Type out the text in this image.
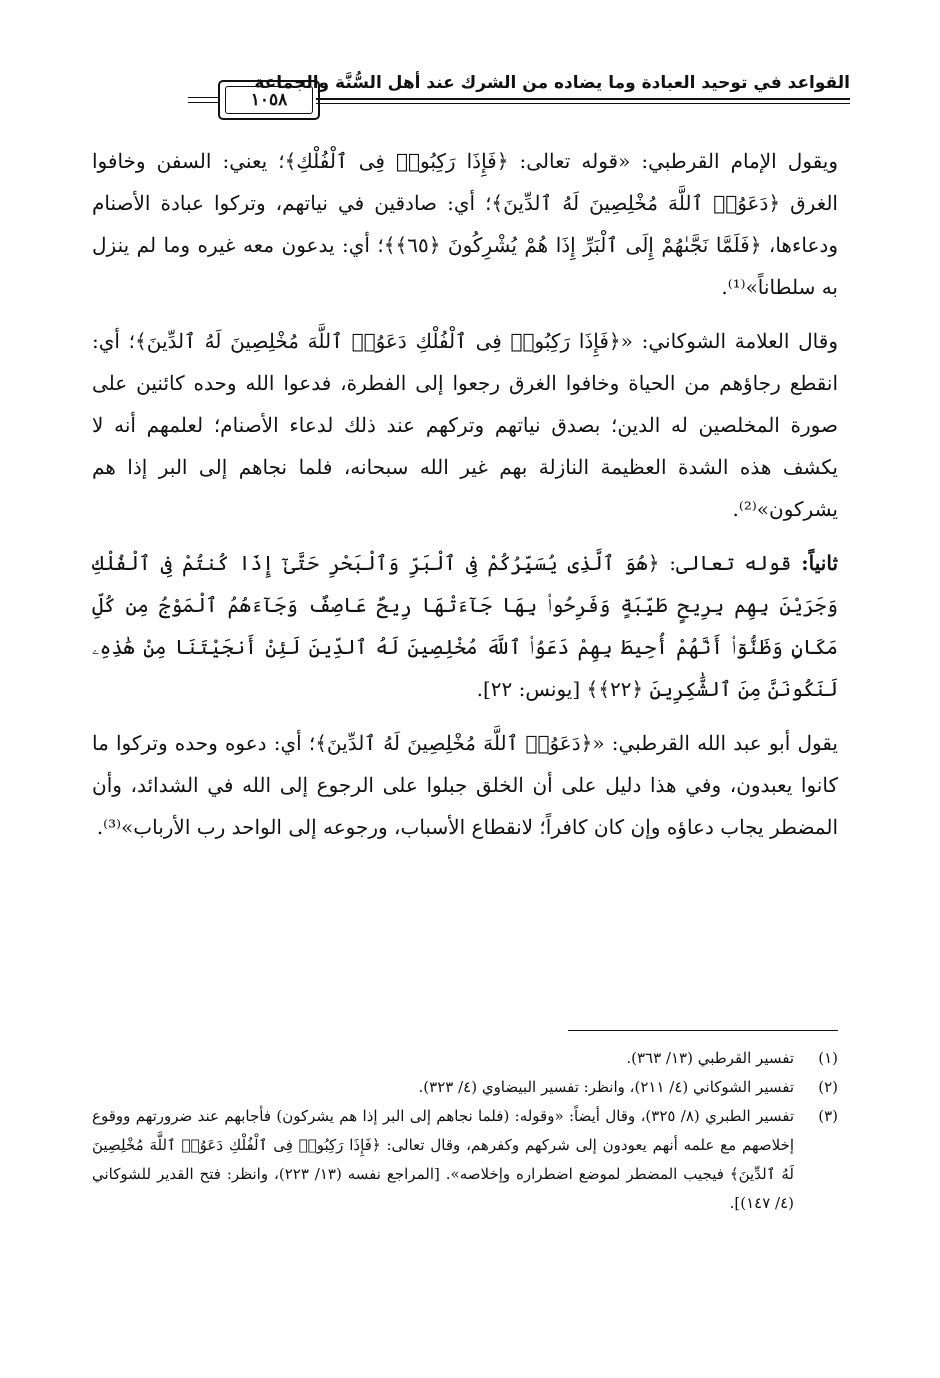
القواعد في توحيد العبادة وما يضاده من الشرك عند أهل السُّنَّة والجماعة
١٠٥٨

ويقول الإمام القرطبي: «قوله تعالى: ﴿فَإِذَا رَكِبُوا۟ فِى ٱلْفُلْكِ﴾؛ يعني: السفن وخافوا الغرق ﴿دَعَوُا۟ ٱللَّهَ مُخْلِصِينَ لَهُ ٱلدِّينَ﴾؛ أي: صادقين في نياتهم، وتركوا عبادة الأصنام ودعاءها، ﴿فَلَمَّا نَجَّىٰهُمْ إِلَى ٱلْبَرِّ إِذَا هُمْ يُشْرِكُونَ ﴿٦٥﴾﴾؛ أي: يدعون معه غيره وما لم ينزل به سلطاناً»⁽¹⁾.

وقال العلامة الشوكاني: «﴿فَإِذَا رَكِبُوا۟ فِى ٱلْفُلْكِ دَعَوُا۟ ٱللَّهَ مُخْلِصِينَ لَهُ ٱلدِّينَ﴾؛ أي: انقطع رجاؤهم من الحياة وخافوا الغرق رجعوا إلى الفطرة، فدعوا الله وحده كائنين على صورة المخلصين له الدين؛ بصدق نياتهم وتركهم عند ذلك لدعاء الأصنام؛ لعلمهم أنه لا يكشف هذه الشدة العظيمة النازلة بهم غير الله سبحانه، فلما نجاهم إلى البر إذا هم يشركون»⁽²⁾.

ثانياً: قوله تعالى: ﴿هُوَ ٱلَّذِى يُسَيِّرُكُمْ فِى ٱلْبَرِّ وَٱلْبَحْرِ حَتَّىٰٓ إِذَا كُنتُمْ فِى ٱلْفُلْكِ وَجَرَيْنَ بِهِم بِرِيحٍ طَيِّبَةٍ وَفَرِحُوا۟ بِهَا جَآءَتْهَا رِيحٌ عَاصِفٌ وَجَآءَهُمُ ٱلْمَوْجُ مِن كُلِّ مَكَانٍ وَظَنُّوٓا۟ أَنَّهُمْ أُحِيطَ بِهِمْ دَعَوُا۟ ٱللَّهَ مُخْلِصِينَ لَهُ ٱلدِّينَ لَئِنْ أَنجَيْتَنَا مِنْ هَٰذِهِۦ لَنَكُونَنَّ مِنَ ٱلشَّٰكِرِينَ ﴿٢٢﴾﴾ [يونس: ٢٢].

يقول أبو عبد الله القرطبي: «﴿دَعَوُا۟ ٱللَّهَ مُخْلِصِينَ لَهُ ٱلدِّينَ﴾؛ أي: دعوه وحده وتركوا ما كانوا يعبدون، وفي هذا دليل على أن الخلق جبلوا على الرجوع إلى الله في الشدائد، وأن المضطر يجاب دعاؤه وإن كان كافراً؛ لانقطاع الأسباب، ورجوعه إلى الواحد رب الأرباب»⁽³⁾.

(١)
تفسير القرطبي (١٣/ ٣٦٣).
(٢)
تفسير الشوكاني (٤/ ٢١١)، وانظر: تفسير البيضاوي (٤/ ٣٢٣).
(٣)
تفسير الطبري (٨/ ٣٢٥)، وقال أيضاً: «وقوله: (فلما نجاهم إلى البر إذا هم يشركون) فأجابهم عند ضرورتهم ووقوع إخلاصهم مع علمه أنهم يعودون إلى شركهم وكفرهم، وقال تعالى: ﴿فَإِذَا رَكِبُوا۟ فِى ٱلْفُلْكِ دَعَوُا۟ ٱللَّهَ مُخْلِصِينَ لَهُ ٱلدِّينَ﴾ فيجيب المضطر لموضع اضطراره وإخلاصه». [المراجع نفسه (١٣/ ٢٢٣)، وانظر: فتح القدير للشوكاني (٤/ ١٤٧)].
